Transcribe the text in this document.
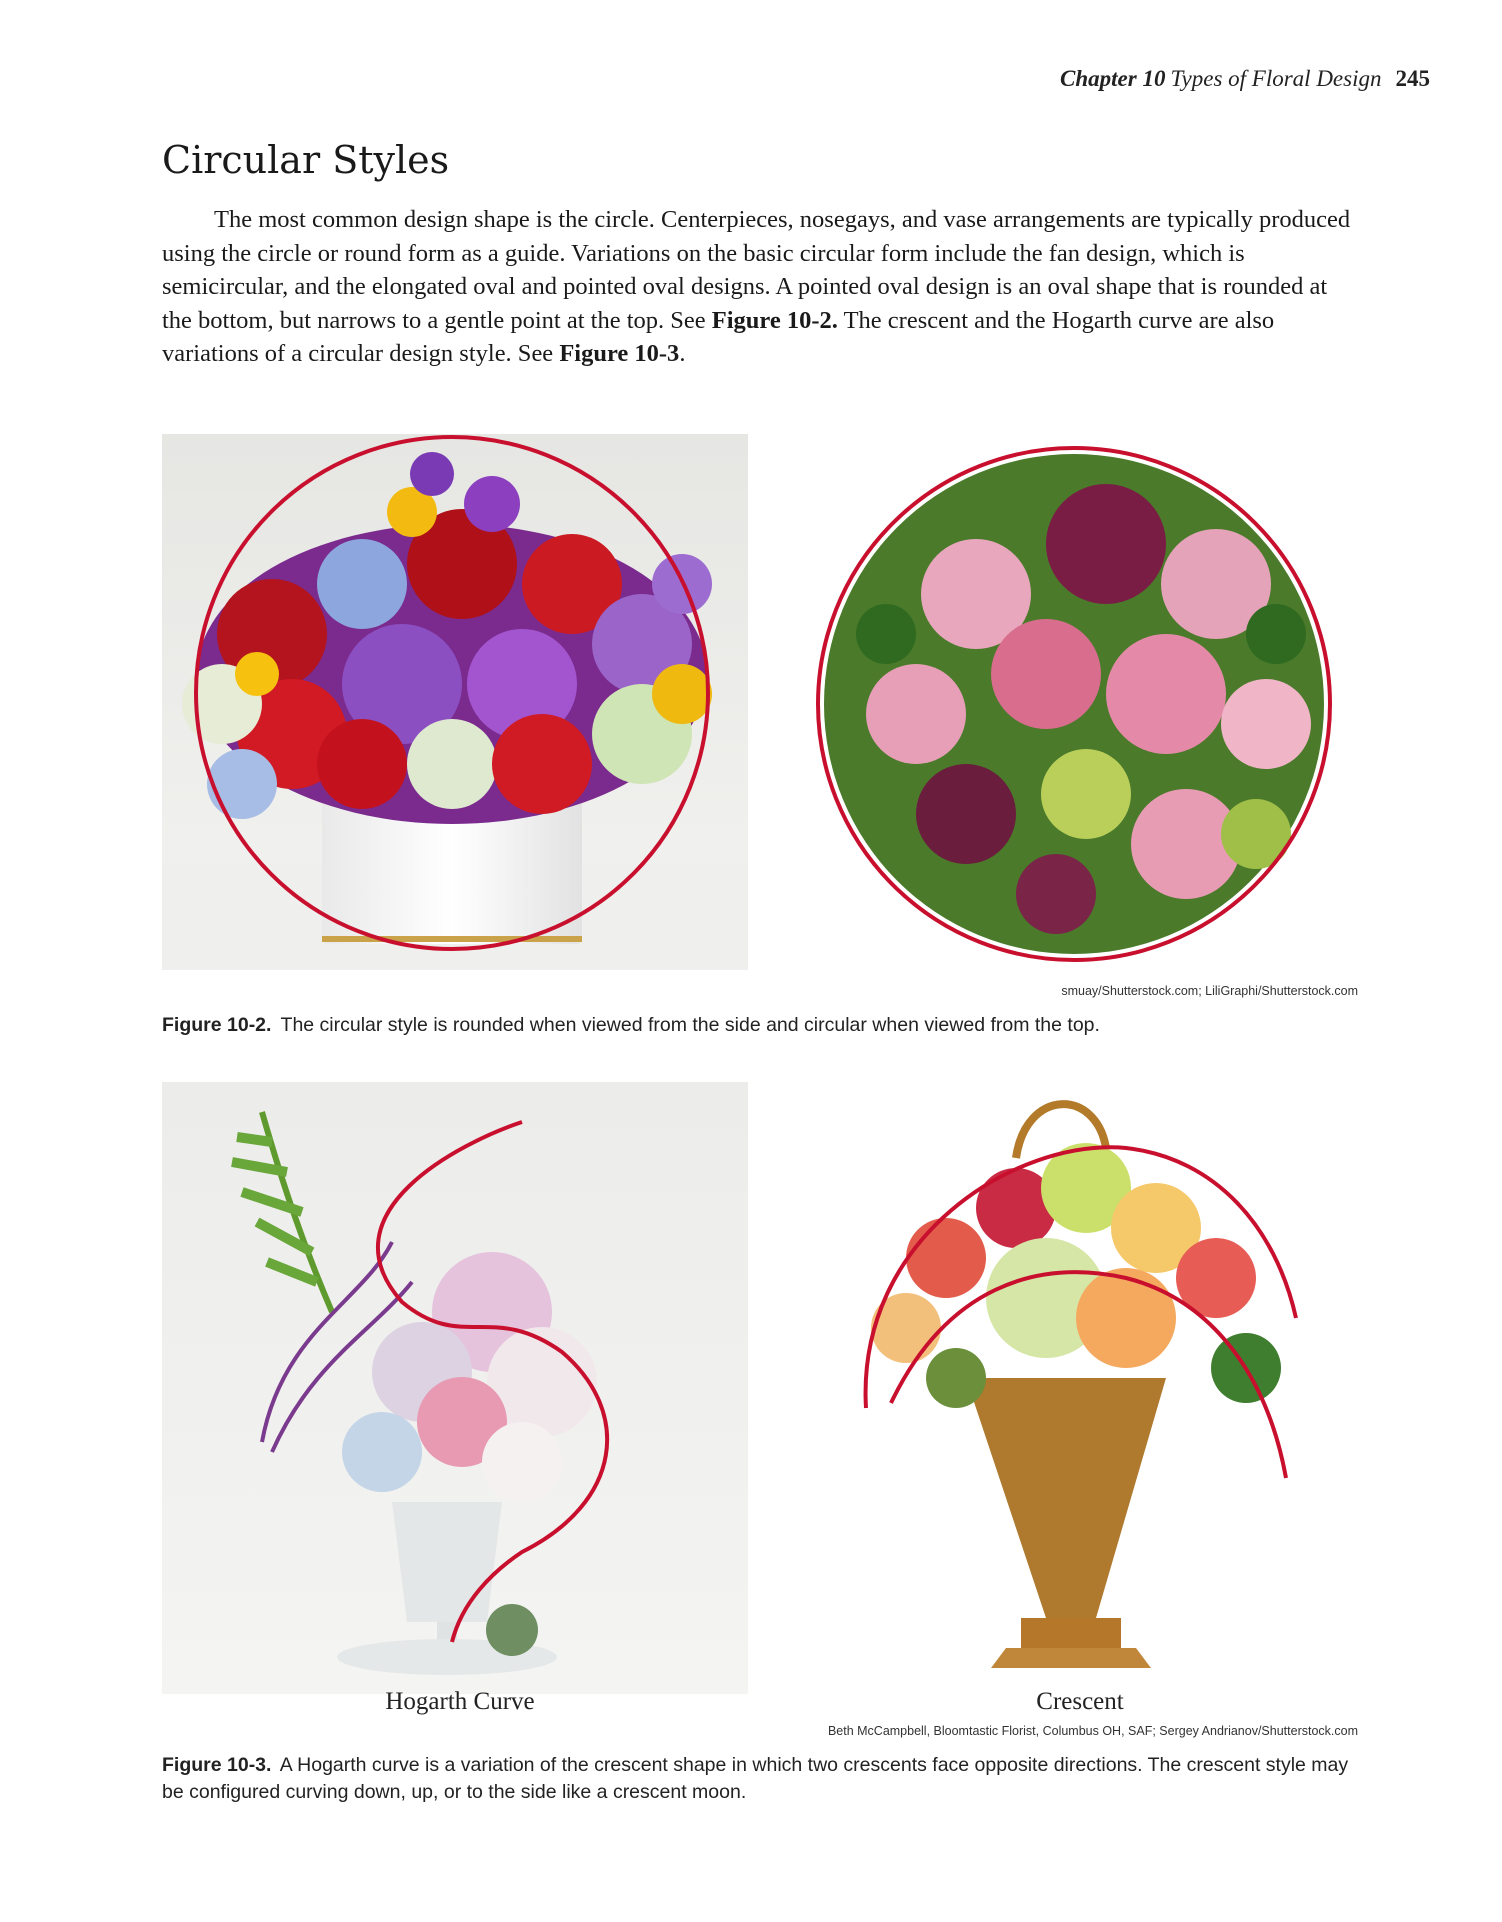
Chapter 10 Types of Floral Design 245
Circular Styles

The most common design shape is the circle. Centerpieces, nosegays, and vase arrangements are typically produced using the circle or round form as a guide. Variations on the basic circular form include the fan design, which is semicircular, and the elongated oval and pointed oval designs. A pointed oval design is an oval shape that is rounded at the bottom, but narrows to a gentle point at the top. See Figure 10-2. The crescent and the Hogarth curve are also variations of a circular design style. See Figure 10-3.

smuay/Shutterstock.com; LiliGraphi/Shutterstock.com

Figure 10-2. The circular style is rounded when viewed from the side and circular when viewed from the top.

Hogarth Curve	Crescent
Beth McCampbell, Bloomtastic Florist, Columbus OH, SAF; Sergey Andrianov/Shutterstock.com

Figure 10-3. A Hogarth curve is a variation of the crescent shape in which two crescents face opposite directions. The crescent style may be configured curving down, up, or to the side like a crescent moon.
